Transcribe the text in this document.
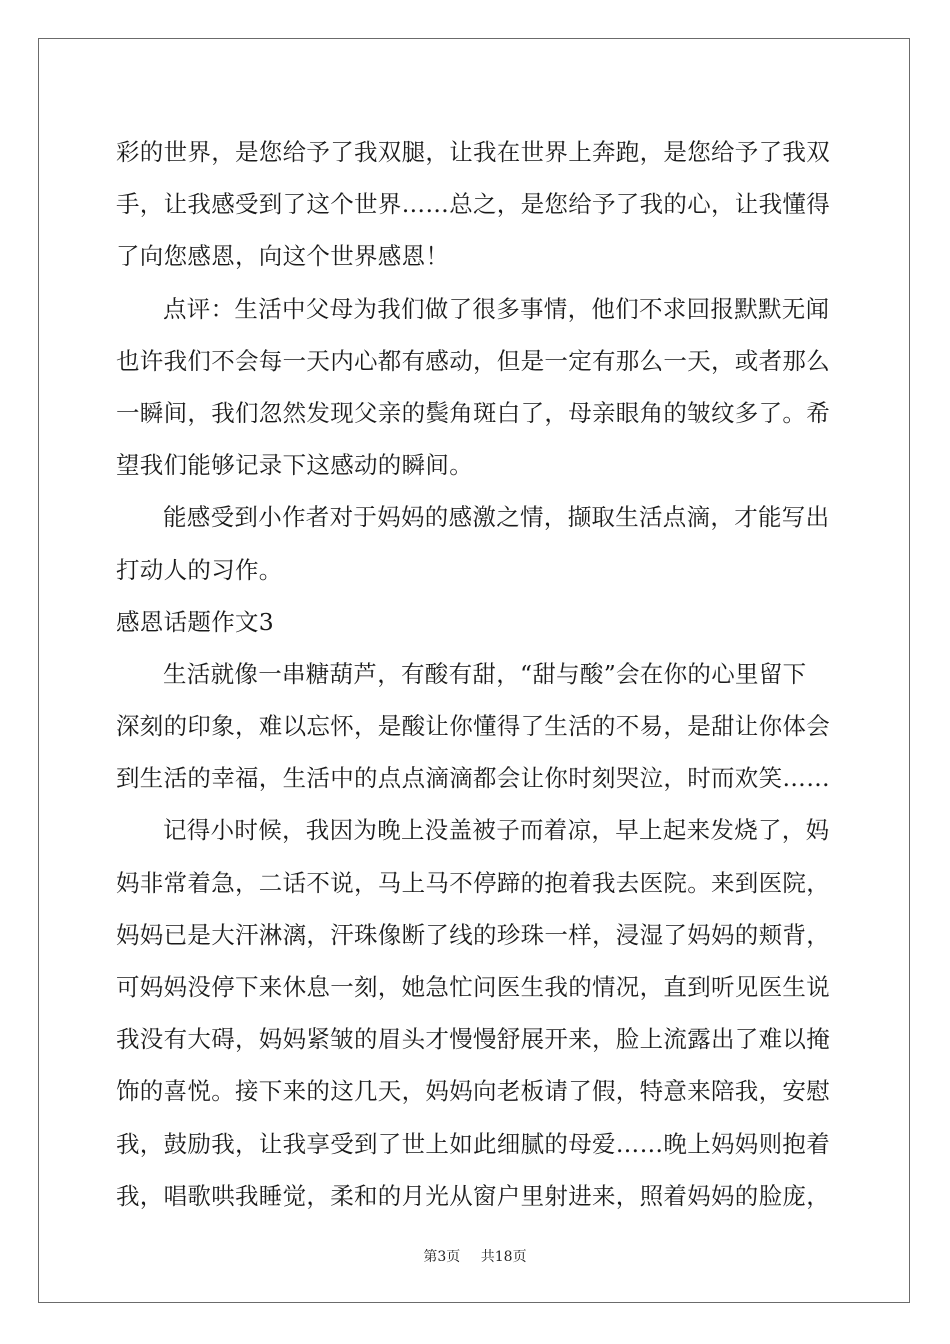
彩的世界，是您给予了我双腿，让我在世界上奔跑，是您给予了我双
手，让我感受到了这个世界……总之，是您给予了我的心，让我懂得
了向您感恩，向这个世界感恩！
点评：生活中父母为我们做了很多事情，他们不求回报默默无闻
也许我们不会每一天内心都有感动，但是一定有那么一天，或者那么
一瞬间，我们忽然发现父亲的鬓角斑白了，母亲眼角的皱纹多了。希
望我们能够记录下这感动的瞬间。
能感受到小作者对于妈妈的感激之情，撷取生活点滴，才能写出
打动人的习作。
感恩话题作文3
生活就像一串糖葫芦，有酸有甜，“甜与酸”会在你的心里留下
深刻的印象，难以忘怀，是酸让你懂得了生活的不易，是甜让你体会
到生活的幸福，生活中的点点滴滴都会让你时刻哭泣，时而欢笑……
记得小时候，我因为晚上没盖被子而着凉，早上起来发烧了，妈
妈非常着急，二话不说，马上马不停蹄的抱着我去医院。来到医院，
妈妈已是大汗淋漓，汗珠像断了线的珍珠一样，浸湿了妈妈的颊背，
可妈妈没停下来休息一刻，她急忙问医生我的情况，直到听见医生说
我没有大碍，妈妈紧皱的眉头才慢慢舒展开来，脸上流露出了难以掩
饰的喜悦。接下来的这几天，妈妈向老板请了假，特意来陪我，安慰
我，鼓励我，让我享受到了世上如此细腻的母爱……晚上妈妈则抱着
我，唱歌哄我睡觉，柔和的月光从窗户里射进来，照着妈妈的脸庞，
第3页 共18页
